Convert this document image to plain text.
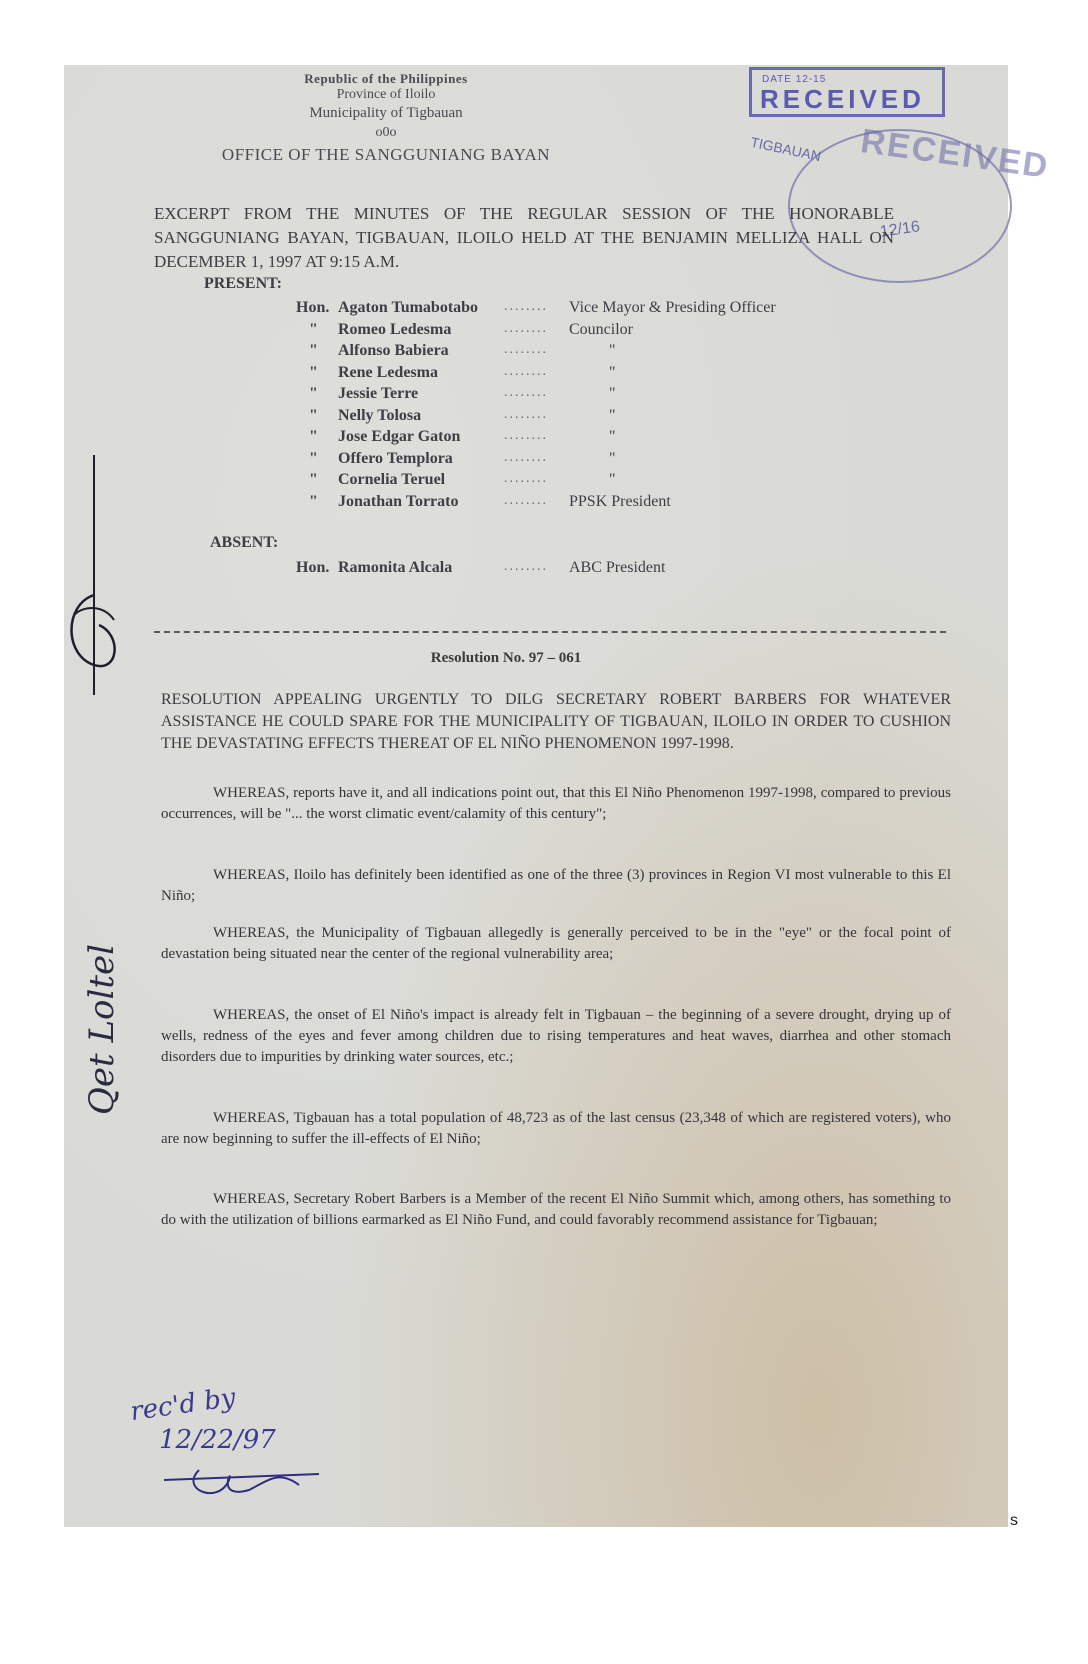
Republic of the Philippines
Province of Iloilo
Municipality of Tigbauan
o0o
OFFICE OF THE SANGGUNIANG BAYAN
DATE 12-15
RECEIVED
TIGBAUAN RECEIVED
12/16
EXCERPT FROM THE MINUTES OF THE REGULAR SESSION OF THE HONORABLE SANGGUNIANG BAYAN, TIGBAUAN, ILOILO HELD AT THE BENJAMIN MELLIZA HALL ON DECEMBER 1, 1997 AT 9:15 A.M.
PRESENT:
Hon. Agaton Tumabotabo ........ Vice Mayor & Presiding Officer
" Romeo Ledesma	........ Councilor
" Alfonso Babiera	........	"
" Rene Ledesma	........	"
" Jessie Terre	........	"
" Nelly Tolosa	........	"
" Jose Edgar Gaton	........	"
" Offero Templora	........	"
" Cornelia Teruel	........	"
" Jonathan Torrato	........ PPSK President
ABSENT:
Hon. Ramonita Alcala	........ ABC President
Resolution No. 97 – 061
RESOLUTION APPEALING URGENTLY TO DILG SECRETARY ROBERT BARBERS FOR WHATEVER ASSISTANCE HE COULD SPARE FOR THE MUNICIPALITY OF TIGBAUAN, ILOILO IN ORDER TO CUSHION THE DEVASTATING EFFECTS THEREAT OF EL NIÑO PHENOMENON 1997-1998.
WHEREAS, reports have it, and all indications point out, that this El Niño Phenomenon 1997-1998, compared to previous occurrences, will be "... the worst climatic event/calamity of this century";
WHEREAS, Iloilo has definitely been identified as one of the three (3) provinces in Region VI most vulnerable to this El Niño;
WHEREAS, the Municipality of Tigbauan allegedly is generally perceived to be in the "eye" or the focal point of devastation being situated near the center of the regional vulnerability area;
WHEREAS, the onset of El Niño's impact is already felt in Tigbauan – the beginning of a severe drought, drying up of wells, redness of the eyes and fever among children due to rising temperatures and heat waves, diarrhea and other stomach disorders due to impurities by drinking water sources, etc.;
WHEREAS, Tigbauan has a total population of 48,723 as of the last census (23,348 of which are registered voters), who are now beginning to suffer the ill-effects of El Niño;
WHEREAS, Secretary Robert Barbers is a Member of the recent El Niño Summit which, among others, has something to do with the utilization of billions earmarked as El Niño Fund, and could favorably recommend assistance for Tigbauan;
Qet Loltel
rec'd by
12/22/97
s
